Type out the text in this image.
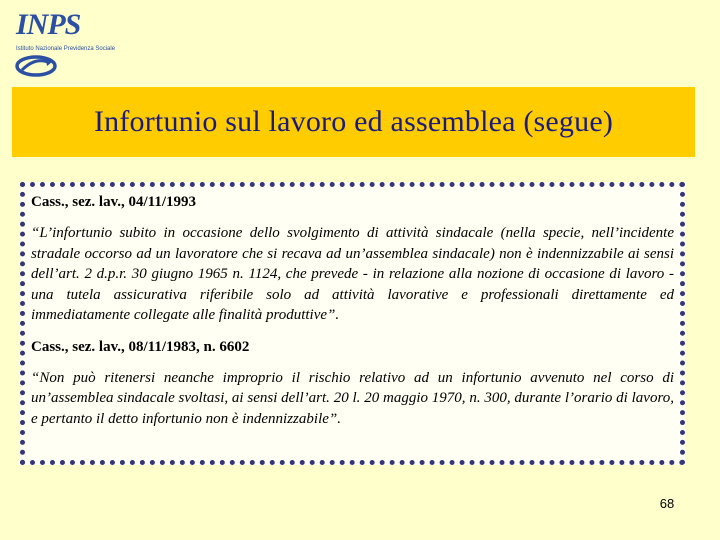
INPS
Istituto Nazionale Previdenza Sociale
Infortunio sul lavoro ed assemblea (segue)

Cass., sez. lav., 04/11/1993

“L’infortunio subito in occasione dello svolgimento di attività sindacale (nella specie, nell’incidente stradale occorso ad un lavoratore che si recava ad un’assemblea sindacale) non è indennizzabile ai sensi dell’art. 2 d.p.r. 30 giugno 1965 n. 1124, che prevede - in relazione alla nozione di occasione di lavoro - una tutela assicurativa riferibile solo ad attività lavorative e professionali direttamente ed immediatamente collegate alle finalità produttive”.

Cass., sez. lav., 08/11/1983, n. 6602

“Non può ritenersi neanche improprio il rischio relativo ad un infortunio avvenuto nel corso di un’assemblea sindacale svoltasi, ai sensi dell’art. 20 l. 20 maggio 1970, n. 300, durante l’orario di lavoro, e pertanto il detto infortunio non è indennizzabile”.

68
